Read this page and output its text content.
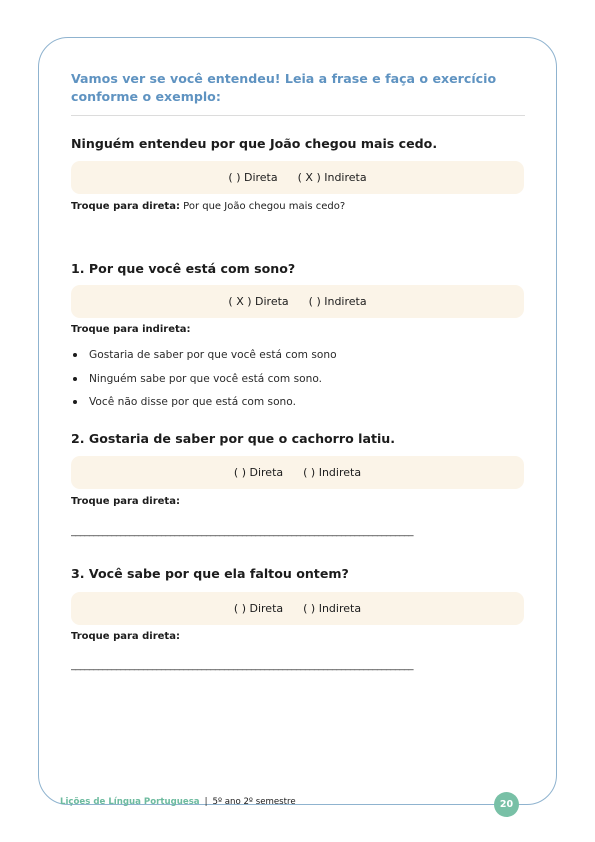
Vamos ver se você entendeu! Leia a frase e faça o exercício conforme o exemplo:
Ninguém entendeu por que João chegou mais cedo.
( ) Direta ( X ) Indireta
Troque para direta: Por que João chegou mais cedo?
1. Por que você está com sono?
( X ) Direta ( ) Indireta
Troque para indireta:
Gostaria de saber por que você está com sono
Ninguém sabe por que você está com sono.
Você não disse por que está com sono.
2. Gostaria de saber por que o cachorro latiu.
( ) Direta ( ) Indireta
Troque para direta:
____________________________________________________________________________
3. Você sabe por que ela faltou ontem?
( ) Direta ( ) Indireta
Troque para direta:
____________________________________________________________________________
Lições de Língua Portuguesa | 5º ano 2º semestre	20
